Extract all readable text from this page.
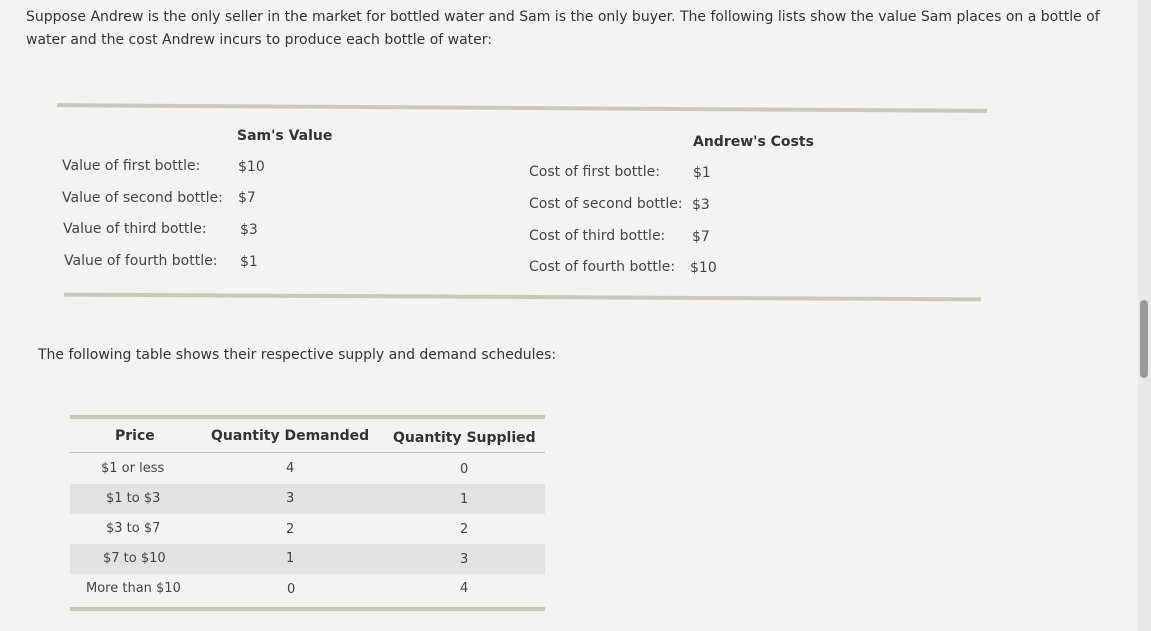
Suppose Andrew is the only seller in the market for bottled water and Sam is the only buyer. The following lists show the value Sam places on a bottle of water and the cost Andrew incurs to produce each bottle of water:
Sam's Value	Andrew's Costs
Value of first bottle:	$10
Value of second bottle: $7
Value of third bottle: $3
Value of fourth bottle: $1
Cost of first bottle: $1
Cost of second bottle: $3
Cost of third bottle: $7
Cost of fourth bottle: $10
The following table shows their respective supply and demand schedules:
Price	Quantity Demanded Quantity Supplied
$1 or less	4	0
$1 to $3	3	1
$3 to $7	2	2
$7 to $10	1	3
More than $10	0	4
